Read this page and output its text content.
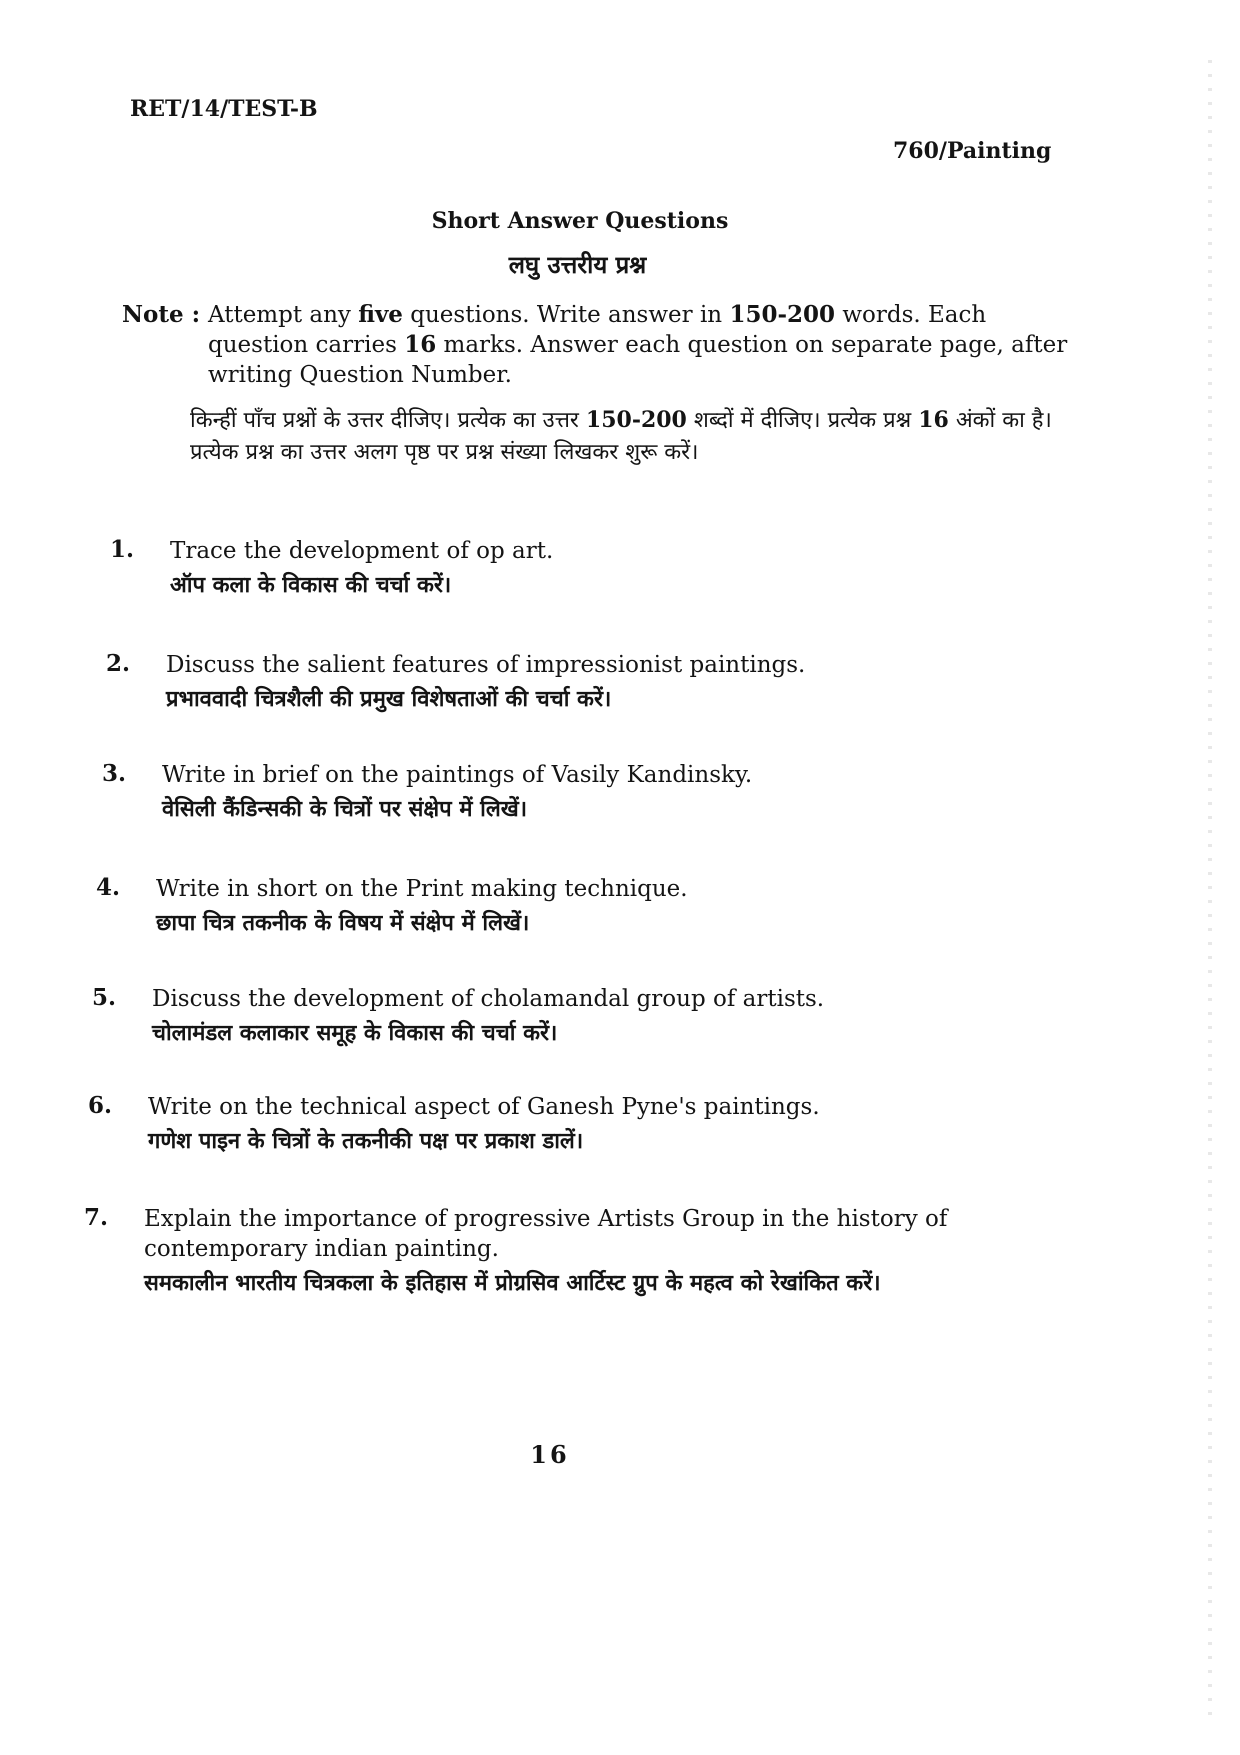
RET/14/TEST-B
760/Painting
Short Answer Questions
लघु उत्तरीय प्रश्न
Note : Attempt any five questions. Write answer in 150-200 words. Each question carries 16 marks. Answer each question on separate page, after writing Question Number.
किन्हीं पाँच प्रश्नों के उत्तर दीजिए। प्रत्येक का उत्तर 150-200 शब्दों में दीजिए। प्रत्येक प्रश्न 16 अंकों का है। प्रत्येक प्रश्न का उत्तर अलग पृष्ठ पर प्रश्न संख्या लिखकर शुरू करें।
1. Trace the development of op art.
ऑप कला के विकास की चर्चा करें।
2. Discuss the salient features of impressionist paintings.
प्रभाववादी चित्रशैली की प्रमुख विशेषताओं की चर्चा करें।
3. Write in brief on the paintings of Vasily Kandinsky.
वेसिली कैंडिन्सकी के चित्रों पर संक्षेप में लिखें।
4. Write in short on the Print making technique.
छापा चित्र तकनीक के विषय में संक्षेप में लिखें।
5. Discuss the development of cholamandal group of artists.
चोलामंडल कलाकार समूह के विकास की चर्चा करें।
6. Write on the technical aspect of Ganesh Pyne's paintings.
गणेश पाइन के चित्रों के तकनीकी पक्ष पर प्रकाश डालें।
7. Explain the importance of progressive Artists Group in the history of contemporary indian painting.
समकालीन भारतीय चित्रकला के इतिहास में प्रोग्रसिव आर्टिस्ट ग्रुप के महत्व को रेखांकित करें।
16
